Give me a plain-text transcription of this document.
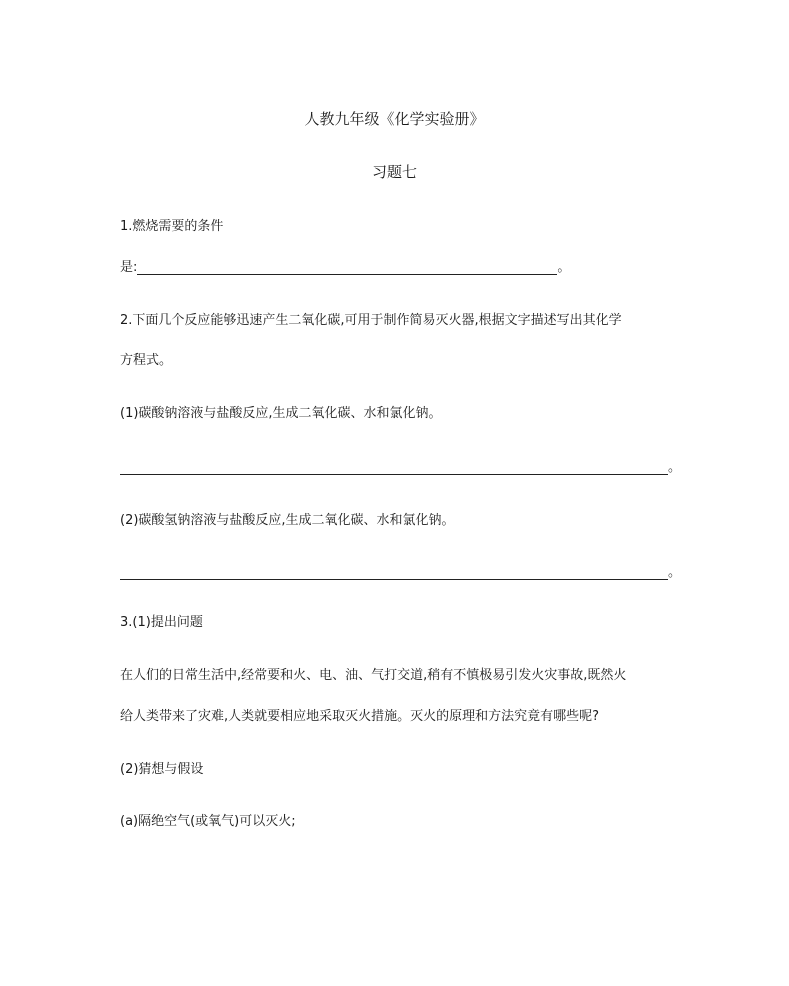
人教九年级《化学实验册》
习题七
1.燃烧需要的条件
是:	。
2.下面几个反应能够迅速产生二氧化碳,可用于制作简易灭火器,根据文字描述写出其化学
方程式。
(1)碳酸钠溶液与盐酸反应,生成二氧化碳、水和氯化钠。
。
(2)碳酸氢钠溶液与盐酸反应,生成二氧化碳、水和氯化钠。
。
3.(1)提出问题
在人们的日常生活中,经常要和火、电、油、气打交道,稍有不慎极易引发火灾事故,既然火
给人类带来了灾难,人类就要相应地采取灭火措施。灭火的原理和方法究竟有哪些呢?
(2)猜想与假设
(a)隔绝空气(或氧气)可以灭火;
